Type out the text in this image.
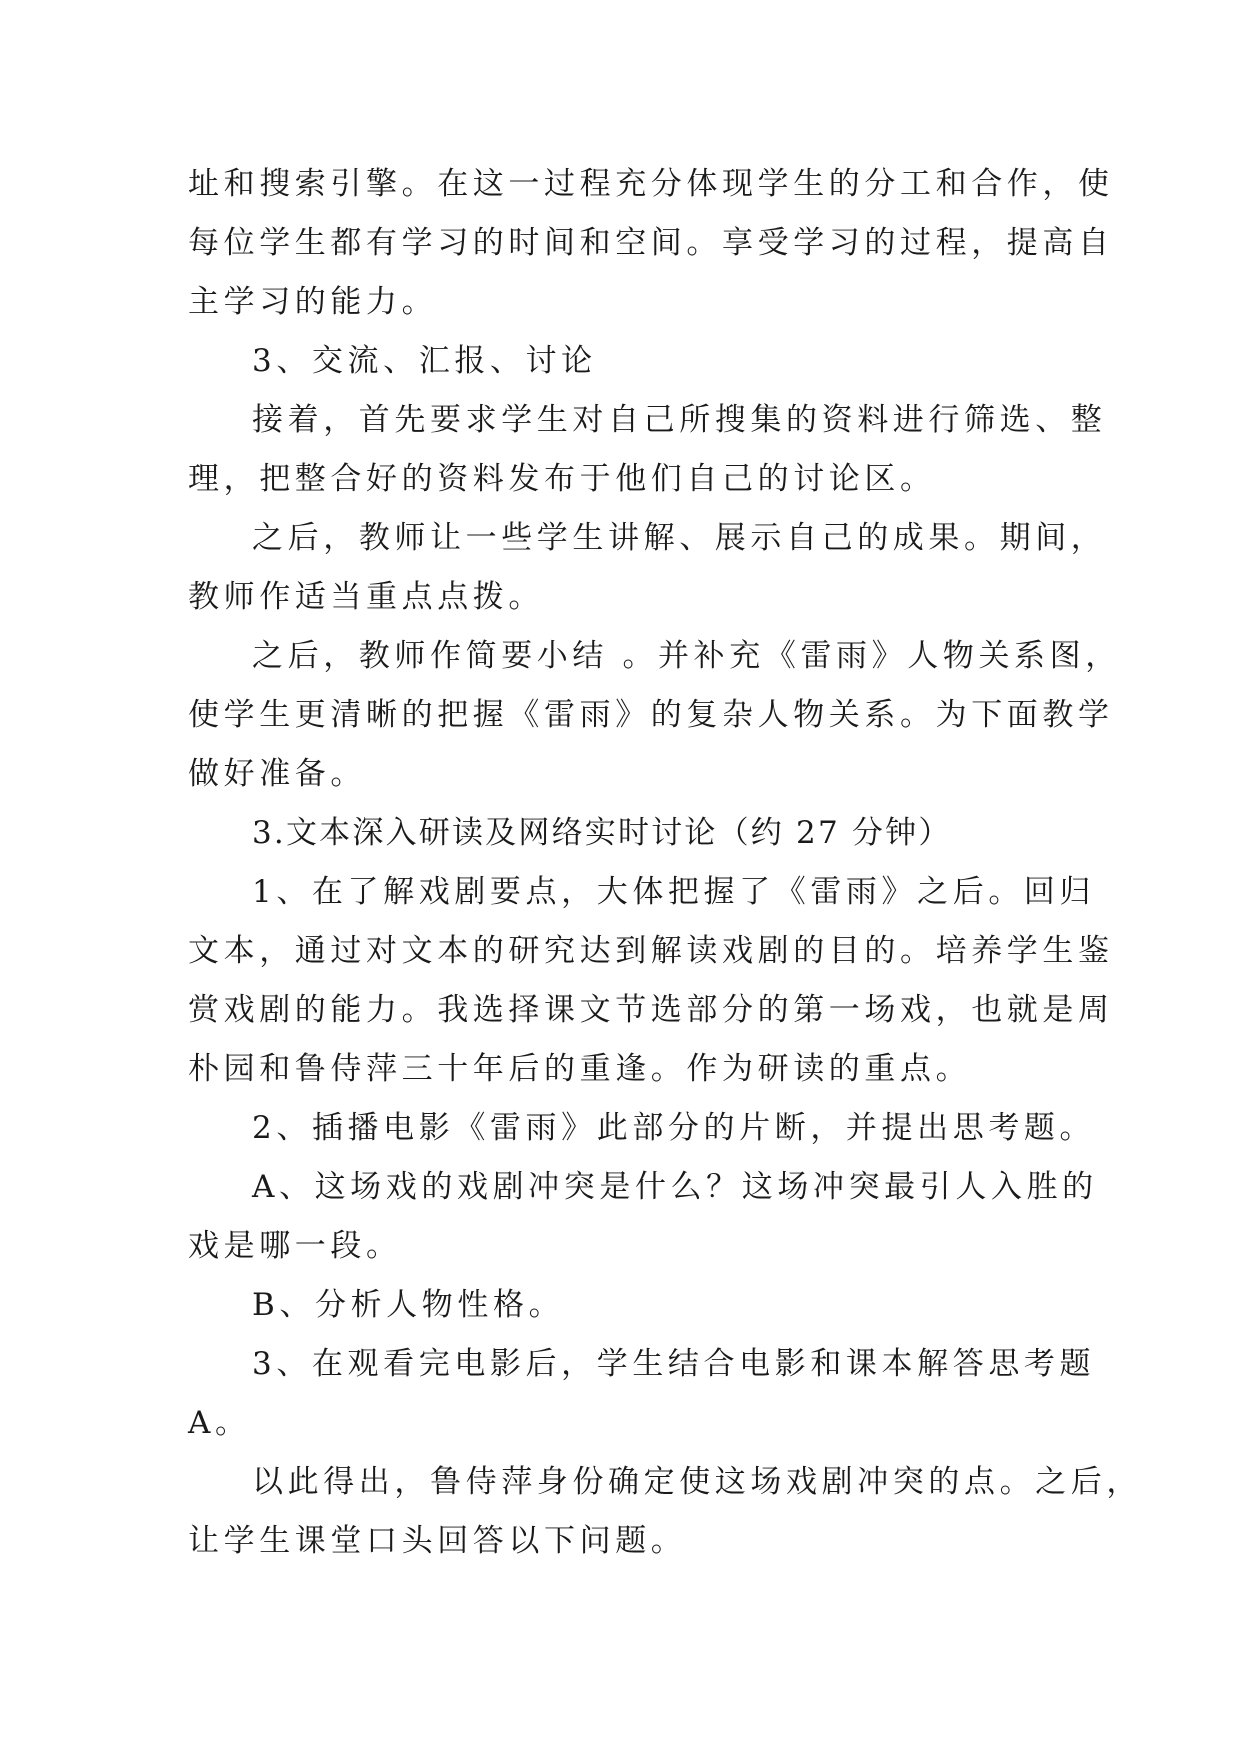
址和搜索引擎。在这一过程充分体现学生的分工和合作，使

每位学生都有学习的时间和空间。享受学习的过程，提高自

主学习的能力。

3、交流、汇报、讨论

接着，首先要求学生对自己所搜集的资料进行筛选、整

理，把整合好的资料发布于他们自己的讨论区。

之后，教师让一些学生讲解、展示自己的成果。期间，

教师作适当重点点拨。

之后，教师作简要小结 。并补充《雷雨》人物关系图，

使学生更清晰的把握《雷雨》的复杂人物关系。为下面教学

做好准备。

3.文本深入研读及网络实时讨论（约 27 分钟）

1、在了解戏剧要点，大体把握了《雷雨》之后。回归

文本，通过对文本的研究达到解读戏剧的目的。培养学生鉴

赏戏剧的能力。我选择课文节选部分的第一场戏，也就是周

朴园和鲁侍萍三十年后的重逢。作为研读的重点。

2、插播电影《雷雨》此部分的片断，并提出思考题。

A、这场戏的戏剧冲突是什么？这场冲突最引人入胜的

戏是哪一段。

B、分析人物性格。

3、在观看完电影后，学生结合电影和课本解答思考题

A。

以此得出，鲁侍萍身份确定使这场戏剧冲突的点。之后，

让学生课堂口头回答以下问题。
